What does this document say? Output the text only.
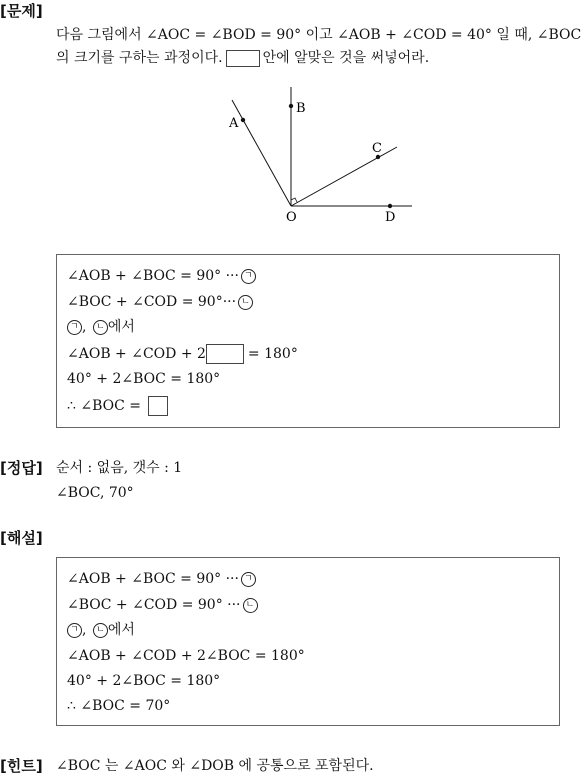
[문제]
다음 그림에서 ∠AOC = ∠BOD = 90° 이고 ∠AOB + ∠COD = 40° 일 때, ∠BOC
의 크기를 구하는 과정이다.	안에 알맞은 것을 써넣어라.
A
B
C
O	D
∠AOB + ∠BOC = 90° ··· ㄱ
∠BOC + ∠COD = 90°··· ㄴ
ㄱ , ㄴ 에서
∠AOB + ∠COD + 2	= 180°
40° + 2∠BOC = 180°
∴ ∠BOC =
[정답] 순서 : 없음, 갯수 : 1
∠BOC, 70°
[해설]
∠AOB + ∠BOC = 90° ··· ㄱ
∠BOC + ∠COD = 90° ··· ㄴ
ㄱ , ㄴ 에서
∠AOB + ∠COD + 2∠BOC = 180°
40° + 2∠BOC = 180°
∴ ∠BOC = 70°
[힌트] ∠BOC 는 ∠AOC 와 ∠DOB 에 공통으로 포함된다.
